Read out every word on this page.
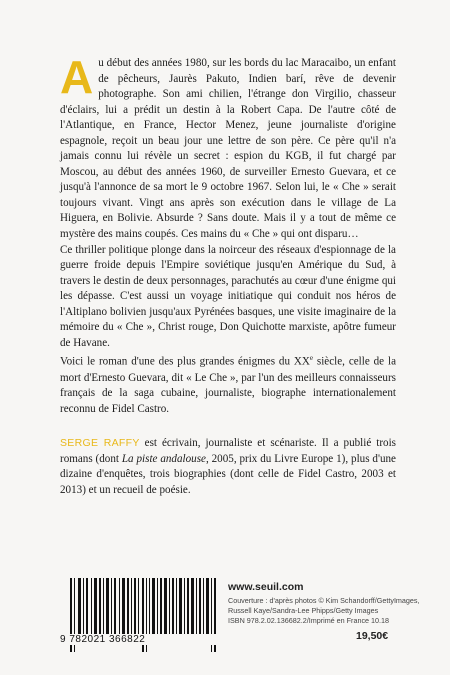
Au début des années 1980, sur les bords du lac Maracaibo, un enfant de pêcheurs, Jaurès Pakuto, Indien barí, rêve de devenir photographe. Son ami chilien, l'étrange don Virgilio, chasseur d'éclairs, lui a prédit un destin à la Robert Capa. De l'autre côté de l'Atlantique, en France, Hector Menez, jeune journaliste d'origine espagnole, reçoit un beau jour une lettre de son père. Ce père qu'il n'a jamais connu lui révèle un secret : espion du KGB, il fut chargé par Moscou, au début des années 1960, de surveiller Ernesto Guevara, et ce jusqu'à l'annonce de sa mort le 9 octobre 1967. Selon lui, le « Che » serait toujours vivant. Vingt ans après son exécution dans le village de La Higuera, en Bolivie. Absurde ? Sans doute. Mais il y a tout de même ce mystère des mains coupés. Ces mains du « Che » qui ont disparu…

Ce thriller politique plonge dans la noirceur des réseaux d'espionnage de la guerre froide depuis l'Empire soviétique jusqu'en Amérique du Sud, à travers le destin de deux personnages, parachutés au cœur d'une énigme qui les dépasse. C'est aussi un voyage initiatique qui conduit nos héros de l'Altiplano bolivien jusqu'aux Pyrénées basques, une visite imaginaire de la mémoire du « Che », Christ rouge, Don Quichotte marxiste, apôtre fumeur de Havane.

Voici le roman d'une des plus grandes énigmes du XXe siècle, celle de la mort d'Ernesto Guevara, dit « Le Che », par l'un des meilleurs connaisseurs français de la saga cubaine, journaliste, biographe internationalement reconnu de Fidel Castro.

SERGE RAFFY est écrivain, journaliste et scénariste. Il a publié trois romans (dont La piste andalouse, 2005, prix du Livre Europe 1), plus d'une dizaine d'enquêtes, trois biographies (dont celle de Fidel Castro, 2003 et 2013) et un recueil de poésie.
9 782021 366822
www.seuil.com
Couverture : d'après photos © Kim Schandorff/GettyImages,
Russell Kaye/Sandra-Lee Phipps/Getty Images
ISBN 978.2.02.136682.2/Imprimé en France 10.18
19,50€
